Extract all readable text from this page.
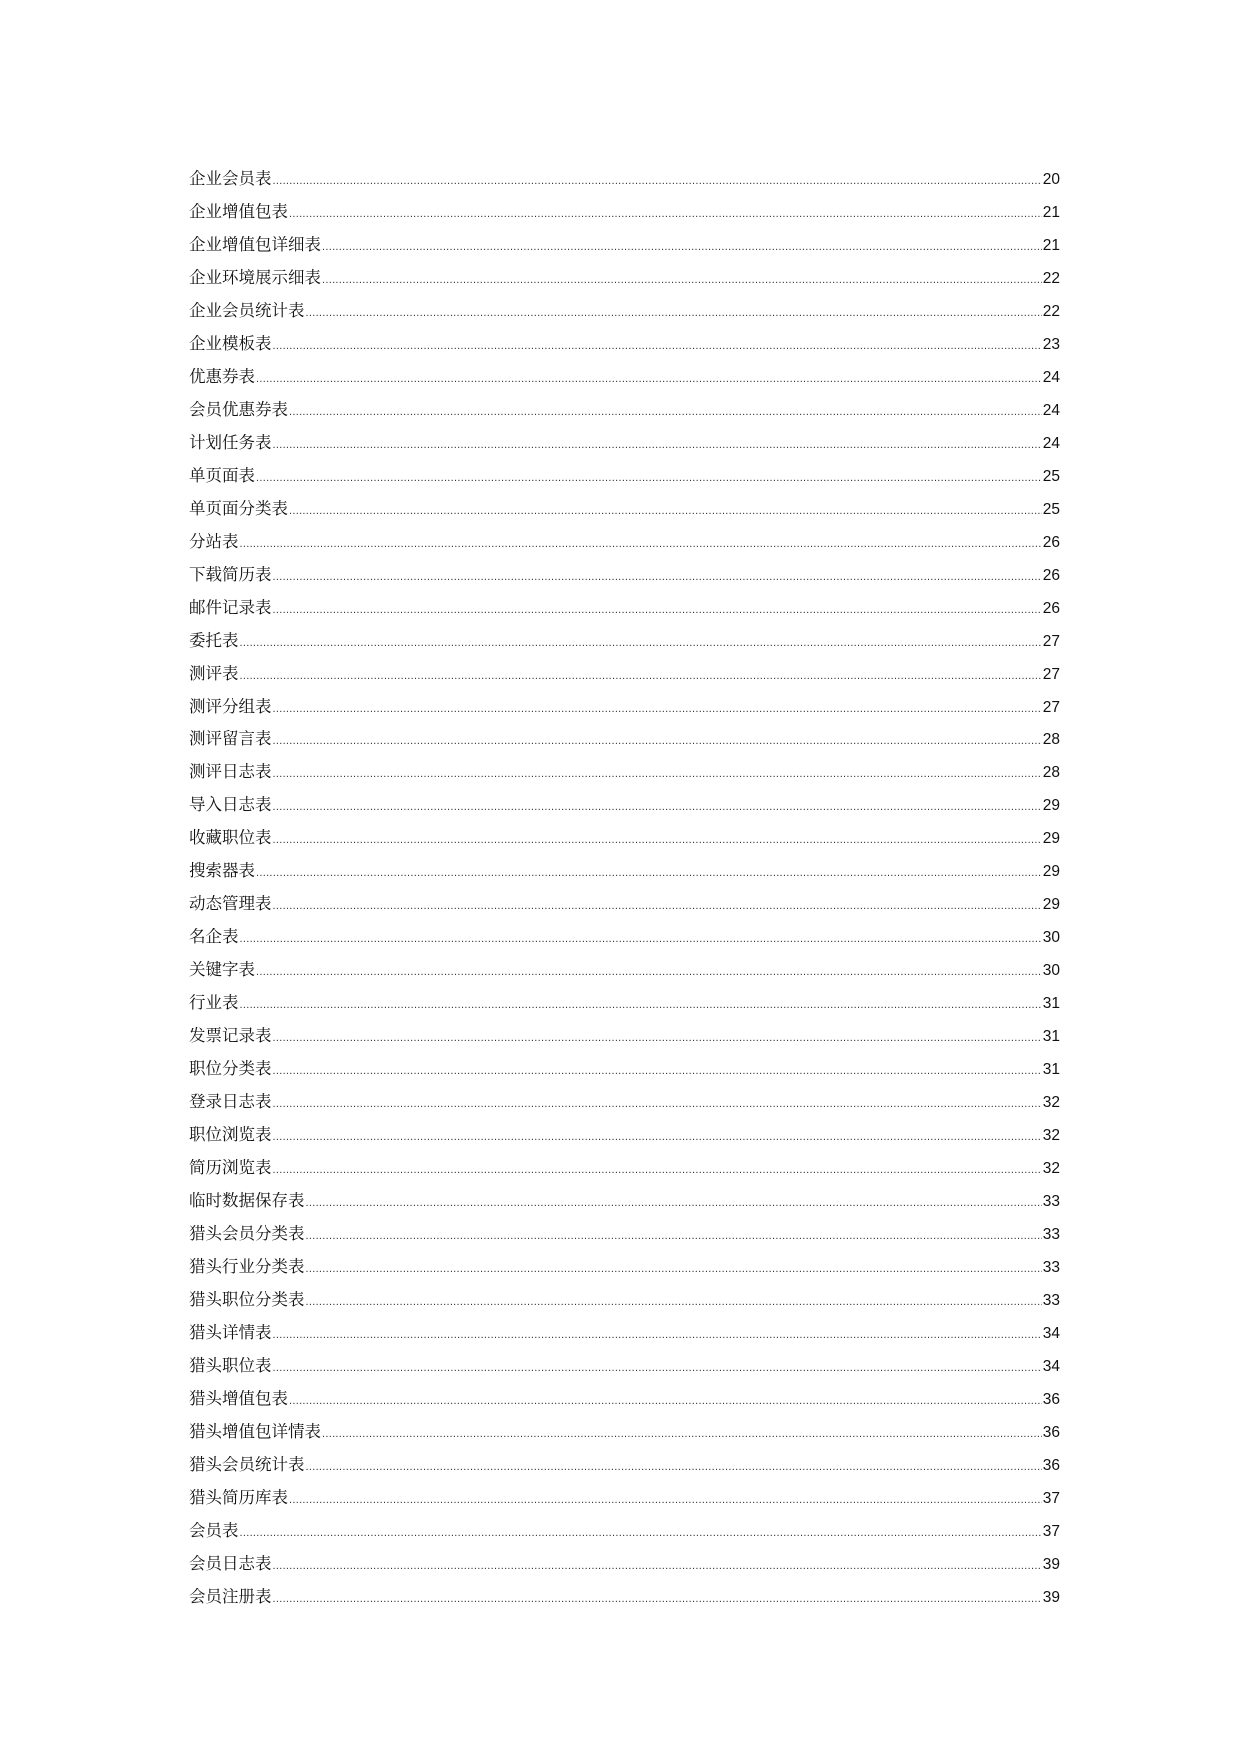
企业会员表 .....	20
企业增值包表 .....	21
企业增值包详细表 .....	21
企业环境展示细表 .....	22
企业会员统计表 .....	22
企业模板表 .....	23
优惠券表 .....	24
会员优惠券表 .....	24
计划任务表 .....	24
单页面表 .....	25
单页面分类表 .....	25
分站表 .....	26
下载简历表 .....	26
邮件记录表 .....	26
委托表 .....	27
测评表 .....	27
测评分组表 .....	27
测评留言表 .....	28
测评日志表 .....	28
导入日志表 .....	29
收藏职位表 .....	29
搜索器表 .....	29
动态管理表 .....	29
名企表 .....	30
关键字表 .....	30
行业表 .....	31
发票记录表 .....	31
职位分类表 .....	31
登录日志表 .....	32
职位浏览表 .....	32
简历浏览表 .....	32
临时数据保存表 .....	33
猎头会员分类表 .....	33
猎头行业分类表 .....	33
猎头职位分类表 .....	33
猎头详情表 .....	34
猎头职位表 .....	34
猎头增值包表 .....	36
猎头增值包详情表 .....	36
猎头会员统计表 .....	36
猎头简历库表 .....	37
会员表 .....	37
会员日志表 .....	39
会员注册表 .....	39
